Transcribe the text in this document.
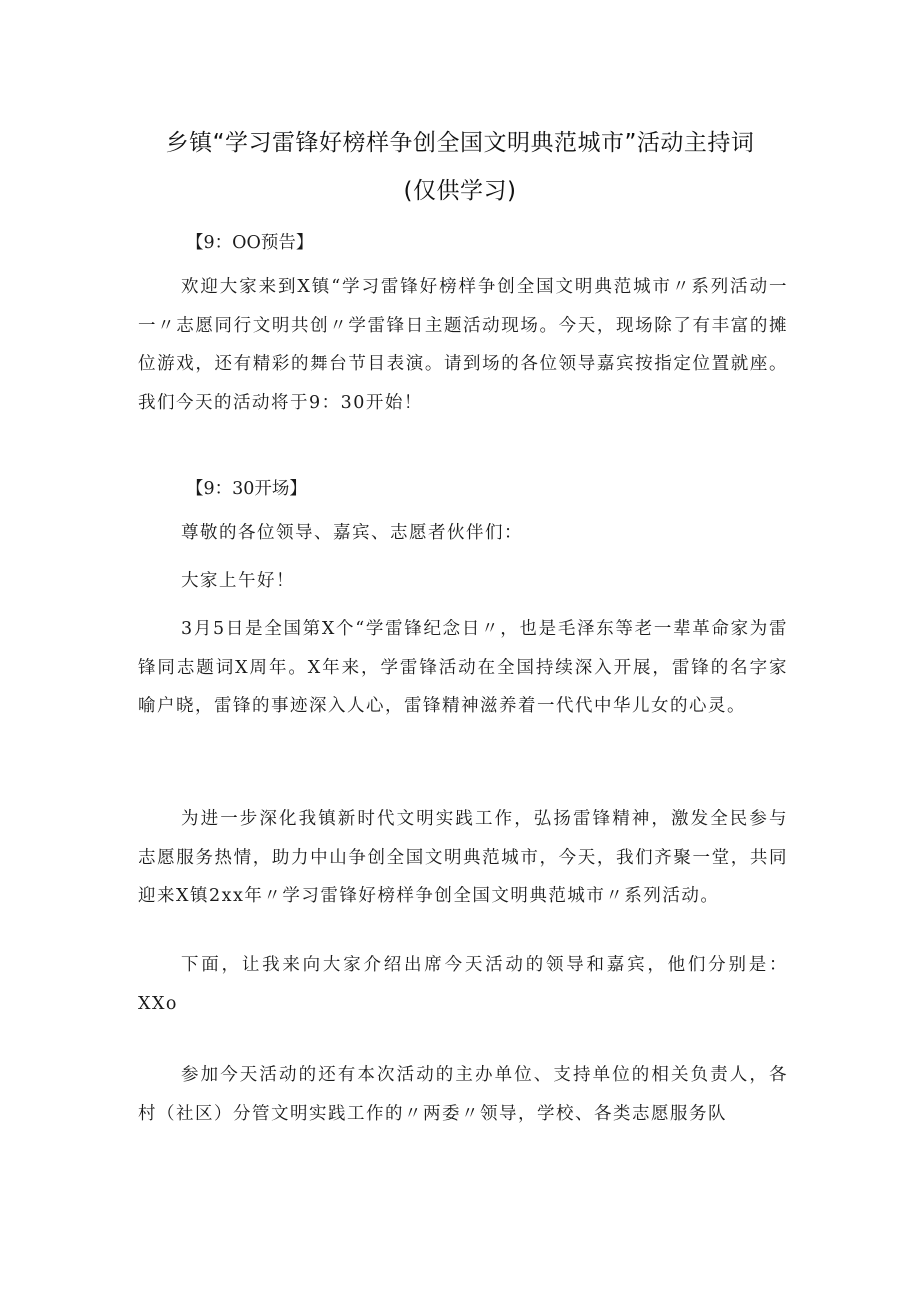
乡镇“学习雷锋好榜样争创全国文明典范城市”活动主持词
(仅供学习)
【9：OO预告】

欢迎大家来到X镇“学习雷锋好榜样争创全国文明典范城市〃系列活动一一〃志愿同行文明共创〃学雷锋日主题活动现场。今天，现场除了有丰富的摊位游戏，还有精彩的舞台节目表演。请到场的各位领导嘉宾按指定位置就座。我们今天的活动将于9：30开始！

【9：30开场】

尊敬的各位领导、嘉宾、志愿者伙伴们：

大家上午好！

3月5日是全国第X个“学雷锋纪念日〃，也是毛泽东等老一辈革命家为雷锋同志题词X周年。X年来，学雷锋活动在全国持续深入开展，雷锋的名字家喻户晓，雷锋的事迹深入人心，雷锋精神滋养着一代代中华儿女的心灵。

为进一步深化我镇新时代文明实践工作，弘扬雷锋精神，激发全民参与志愿服务热情，助力中山争创全国文明典范城市，今天，我们齐聚一堂，共同迎来X镇2xx年〃学习雷锋好榜样争创全国文明典范城市〃系列活动。

下面，让我来向大家介绍出席今天活动的领导和嘉宾，他们分别是：XXo

参加今天活动的还有本次活动的主办单位、支持单位的相关负责人，各村（社区）分管文明实践工作的〃两委〃领导，学校、各类志愿服务队
